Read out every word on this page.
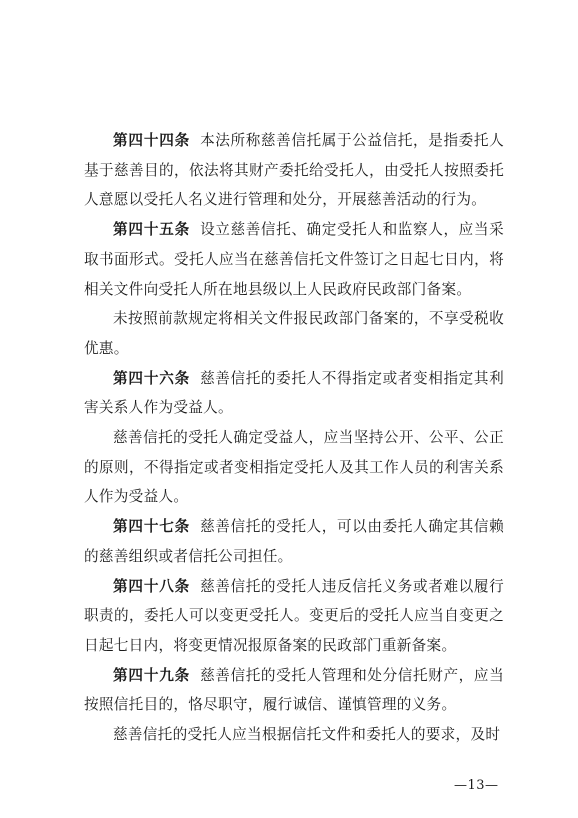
第四十四条 本法所称慈善信托属于公益信托，是指委托人基于慈善目的，依法将其财产委托给受托人，由受托人按照委托人意愿以受托人名义进行管理和处分，开展慈善活动的行为。

第四十五条 设立慈善信托、确定受托人和监察人，应当采取书面形式。受托人应当在慈善信托文件签订之日起七日内，将相关文件向受托人所在地县级以上人民政府民政部门备案。

未按照前款规定将相关文件报民政部门备案的，不享受税收优惠。

第四十六条 慈善信托的委托人不得指定或者变相指定其利害关系人作为受益人。

慈善信托的受托人确定受益人，应当坚持公开、公平、公正的原则，不得指定或者变相指定受托人及其工作人员的利害关系人作为受益人。

第四十七条 慈善信托的受托人，可以由委托人确定其信赖的慈善组织或者信托公司担任。

第四十八条 慈善信托的受托人违反信托义务或者难以履行职责的，委托人可以变更受托人。变更后的受托人应当自变更之日起七日内，将变更情况报原备案的民政部门重新备案。

第四十九条 慈善信托的受托人管理和处分信托财产，应当按照信托目的，恪尽职守，履行诚信、谨慎管理的义务。

慈善信托的受托人应当根据信托文件和委托人的要求，及时

—13—
